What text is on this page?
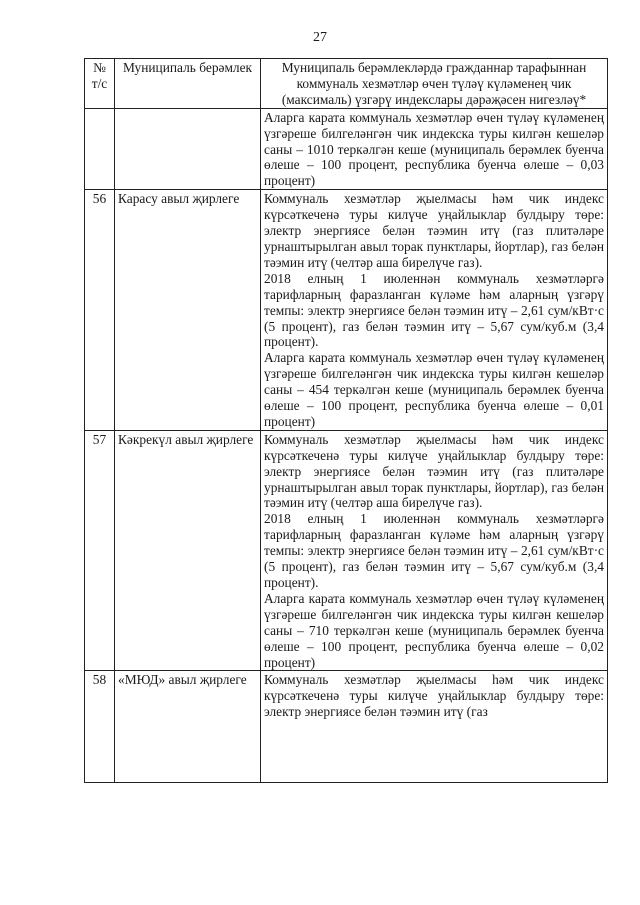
27
№ т/с	Муниципаль берәмлек	Муниципаль берәмлекләрдә гражданнар тарафыннан коммуналь хезмәтләр өчен түләү күләменең чик (максималь) үзгәрү индекслары дәрәҗәсен нигезләү*
		Аларга карата коммуналь хезмәтләр өчен түләү күләменең үзгәреше билгеләнгән чик индекска туры килгән кешеләр саны – 1010 теркәлгән кеше (муниципаль берәмлек буенча өлеше – 100 процент, республика буенча өлеше – 0,03 процент)
56	Карасу авыл җирлеге	Коммуналь хезмәтләр җыелмасы һәм чик индекс күрсәткеченә туры килүче уңайлыклар булдыру төре: электр энергиясе белән тәэмин итү (газ плитәләре урнаштырылган авыл торак пунктлары, йортлар), газ белән тәэмин итү (челтәр аша бирелүче газ).
2018 елның 1 июленнән коммуналь хезмәтләргә тарифларның фаразланган күләме һәм аларның үзгәрү темпы: электр энергиясе белән тәэмин итү – 2,61 сум/кВт·с (5 процент), газ белән тәэмин итү – 5,67 сум/куб.м (3,4 процент).
Аларга карата коммуналь хезмәтләр өчен түләү күләменең үзгәреше билгеләнгән чик индекска туры килгән кешеләр саны – 454 теркәлгән кеше (муниципаль берәмлек буенча өлеше – 100 процент, республика буенча өлеше – 0,01 процент)

57	Кәкрекүл авыл җирлеге	Коммуналь хезмәтләр җыелмасы һәм чик индекс күрсәткеченә туры килүче уңайлыклар булдыру төре: электр энергиясе белән тәэмин итү (газ плитәләре урнаштырылган авыл торак пунктлары, йортлар), газ белән тәэмин итү (челтәр аша бирелүче газ).
2018 елның 1 июленнән коммуналь хезмәтләргә тарифларның фаразланган күләме һәм аларның үзгәрү темпы: электр энергиясе белән тәэмин итү – 2,61 сум/кВт·с (5 процент), газ белән тәэмин итү – 5,67 сум/куб.м (3,4 процент).
Аларга карата коммуналь хезмәтләр өчен түләү күләменең үзгәреше билгеләнгән чик индекска туры килгән кешеләр саны – 710 теркәлгән кеше (муниципаль берәмлек буенча өлеше – 100 процент, республика буенча өлеше – 0,02 процент)

58	«МЮД» авыл җирлеге	Коммуналь хезмәтләр җыелмасы һәм чик индекс күрсәткеченә туры килүче уңайлыклар булдыру төре: электр энергиясе белән тәэмин итү (газ
